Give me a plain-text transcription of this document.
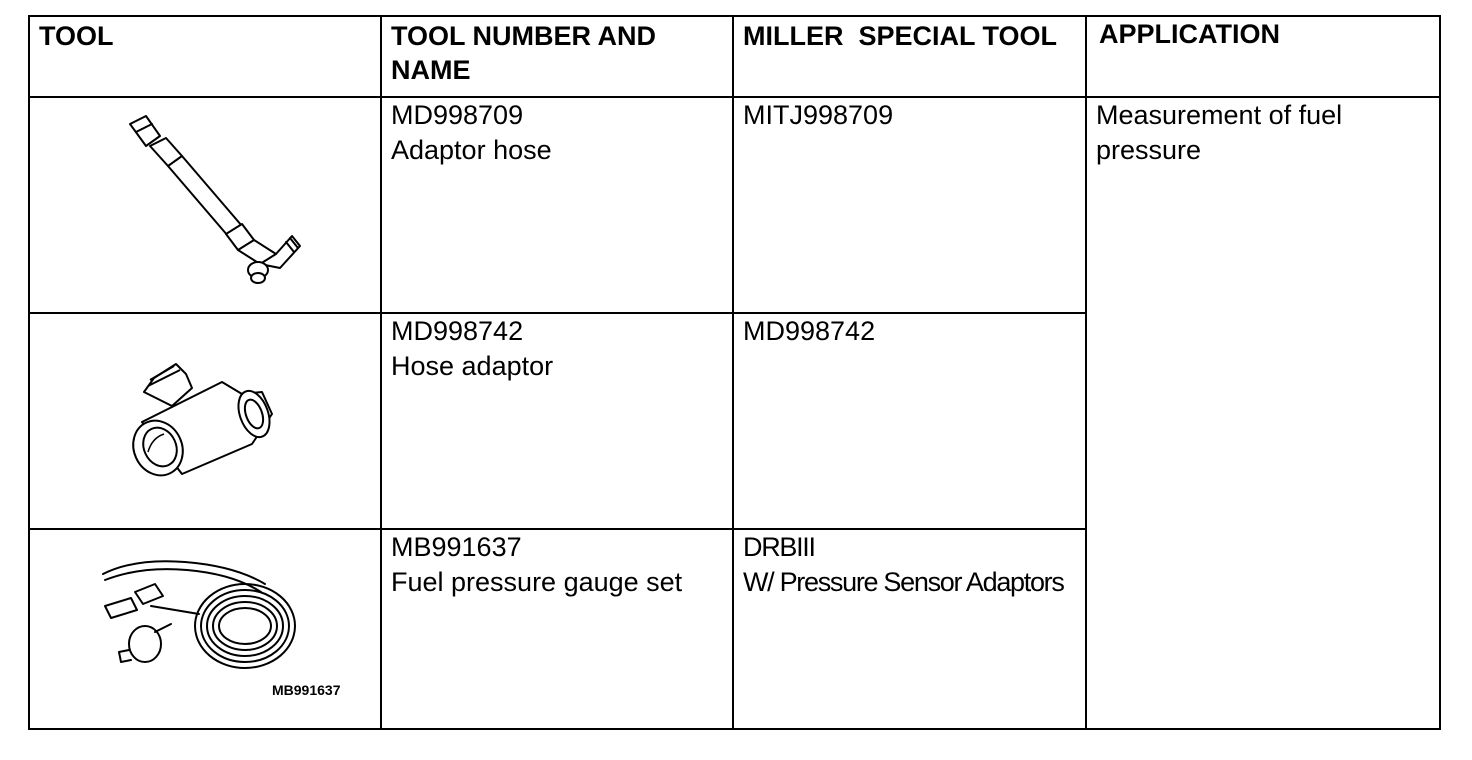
TOOL	TOOL NUMBER AND
NAME
MILLER  SPECIAL TOOL APPLICATION
MD998709
Adaptor hose
MITJ998709	Measurement of fuel
pressure
MD998742
Hose adaptor
MD998742
MB991637
MB991637
Fuel pressure gauge set
DRBIII
W/ Pressure Sensor Adaptors
